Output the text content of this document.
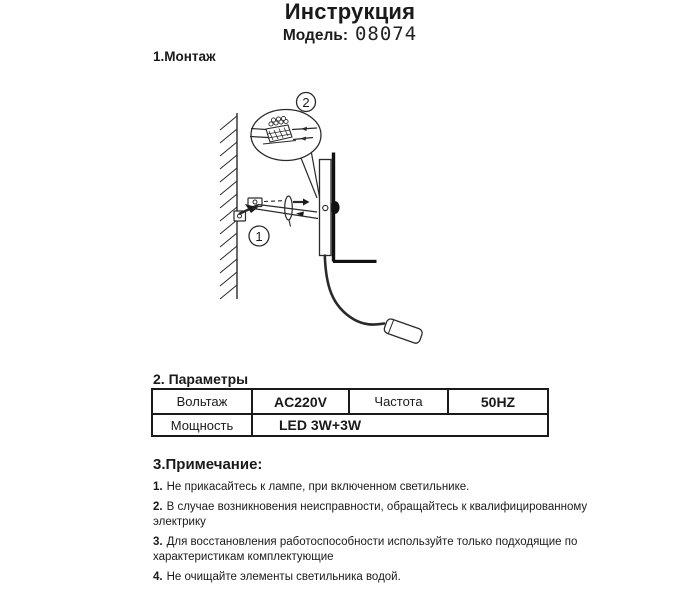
Инструкция
Модель: 08074
1.Монтаж
2
1
2. Параметры
Вольтаж	AC220V	Частота	50HZ
Мощность	LED 3W+3W		
3.Примечание:
1. Не прикасайтесь к лампе, при включенном светильнике.
2. В случае возникновения неисправности, обращайтесь к квалифицированному
электрику
3. Для восстановления работоспособности используйте только подходящие по
характеристикам комплектующие
4. Не очищайте элементы светильника водой.
